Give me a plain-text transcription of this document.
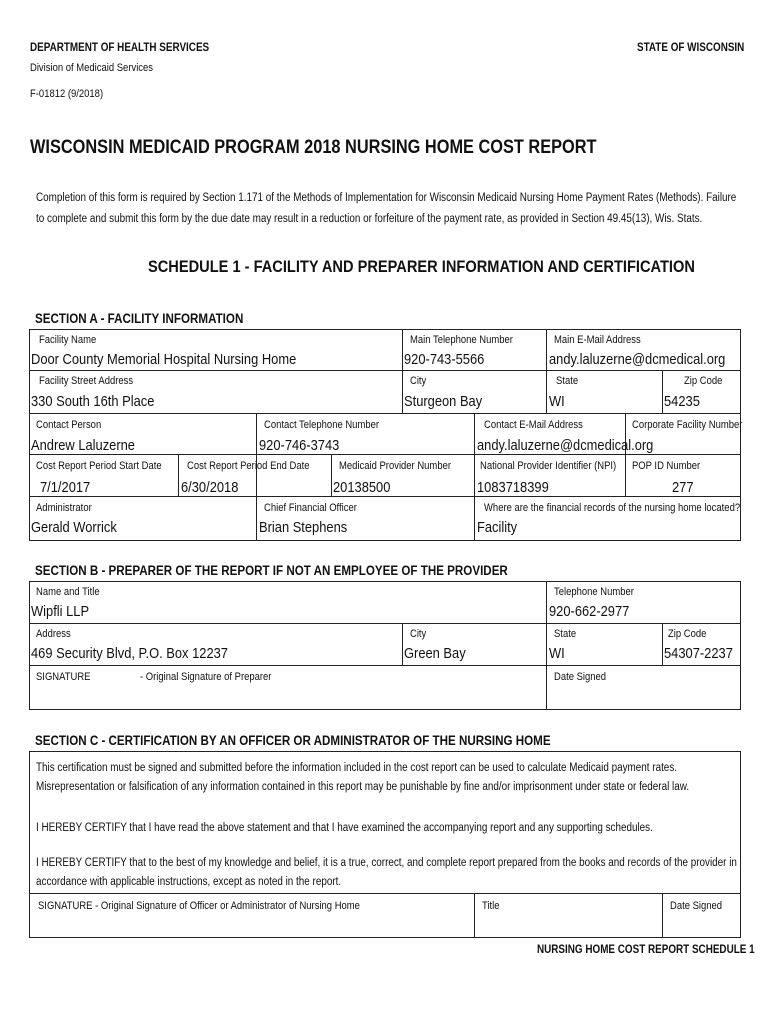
DEPARTMENT OF HEALTH SERVICES
Division of Medicaid Services
F-01812 (9/2018)
STATE OF WISCONSIN
WISCONSIN MEDICAID PROGRAM 2018 NURSING HOME COST REPORT
Completion of this form is required by Section 1.171 of the Methods of Implementation for Wisconsin Medicaid Nursing Home Payment Rates (Methods). Failure to complete and submit this form by the due date may result in a reduction or forfeiture of the payment rate, as provided in Section 49.45(13), Wis. Stats.
SCHEDULE 1 - FACILITY AND PREPARER INFORMATION AND CERTIFICATION
SECTION A - FACILITY INFORMATION
Facility Name
Door County Memorial Hospital Nursing Home
Main Telephone Number
920-743-5566
Main E-Mail Address
andy.laluzerne@dcmedical.org
Facility Street Address
330 South 16th Place
City
Sturgeon Bay
State
WI
Zip Code
54235
Contact Person
Andrew Laluzerne
Contact Telephone Number
920-746-3743
Contact E-Mail Address
andy.laluzerne@dcmedical.org
Corporate Facility Number
Cost Report Period Start Date
7/1/2017
Cost Report Period End Date
6/30/2018
Medicaid Provider Number
20138500
National Provider Identifier (NPI)
1083718399
POP ID Number
277
Administrator
Gerald Worrick
Chief Financial Officer
Brian Stephens
Where are the financial records of the nursing home located?
Facility
SECTION B - PREPARER OF THE REPORT IF NOT AN EMPLOYEE OF THE PROVIDER
Name and Title
Wipfli LLP
Telephone Number
920-662-2977
Address
469 Security Blvd, P.O. Box 12237
City
Green Bay
State
WI
Zip Code
54307-2237
SIGNATURE	- Original Signature of Preparer	Date Signed
SECTION C - CERTIFICATION BY AN OFFICER OR ADMINISTRATOR OF THE NURSING HOME
This certification must be signed and submitted before the information included in the cost report can be used to calculate Medicaid payment rates. Misrepresentation or falsification of any information contained in this report may be punishable by fine and/or imprisonment under state or federal law.
I HEREBY CERTIFY that I have read the above statement and that I have examined the accompanying report and any supporting schedules.
I HEREBY CERTIFY that to the best of my knowledge and belief, it is a true, correct, and complete report prepared from the books and records of the provider in accordance with applicable instructions, except as noted in the report.
SIGNATURE - Original Signature of Officer or Administrator of Nursing Home	Title	Date Signed
NURSING HOME COST REPORT SCHEDULE 1
